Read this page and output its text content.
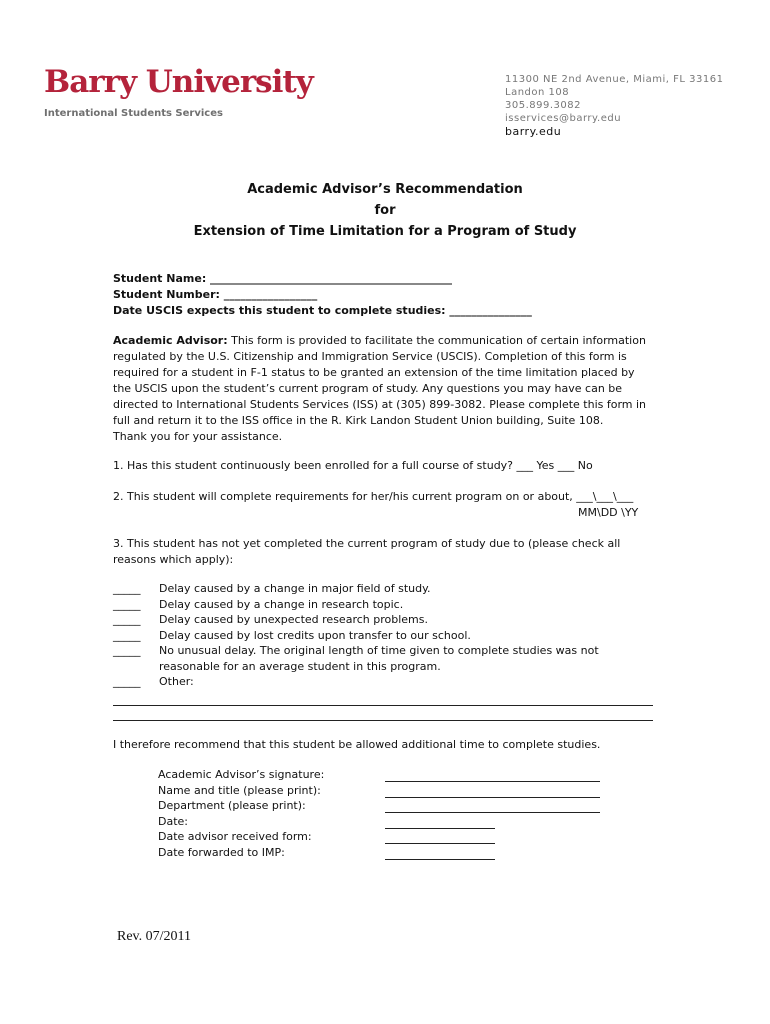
Barry University
International Students Services
11300 NE 2nd Avenue, Miami, FL 33161
Landon 108
305.899.3082
isservices@barry.edu
barry.edu
Academic Advisor’s Recommendation
for
Extension of Time Limitation for a Program of Study
Student Name: ____________________________________________
Student Number: _________________
Date USCIS expects this student to complete studies: _______________
Academic Advisor: This form is provided to facilitate the communication of certain information
regulated by the U.S. Citizenship and Immigration Service (USCIS). Completion of this form is
required for a student in F-1 status to be granted an extension of the time limitation placed by
the USCIS upon the student’s current program of study. Any questions you may have can be
directed to International Students Services (ISS) at (305) 899-3082. Please complete this form in
full and return it to the ISS office in the R. Kirk Landon Student Union building, Suite 108.
Thank you for your assistance.
1. Has this student continuously been enrolled for a full course of study? ___ Yes ___ No
2. This student will complete requirements for her/his current program on or about, ___\___\___
MM\DD \YY
3. This student has not yet completed the current program of study due to (please check all
reasons which apply):
_____ Delay caused by a change in major field of study.
_____ Delay caused by a change in research topic.
_____ Delay caused by unexpected research problems.
_____ Delay caused by lost credits upon transfer to our school.
_____ No unusual delay. The original length of time given to complete studies was not
reasonable for an average student in this program.
_____ Other:
I therefore recommend that this student be allowed additional time to complete studies.
Academic Advisor’s signature:
Name and title (please print):
Department (please print):
Date:
Date advisor received form:
Date forwarded to IMP:
Rev. 07/2011
